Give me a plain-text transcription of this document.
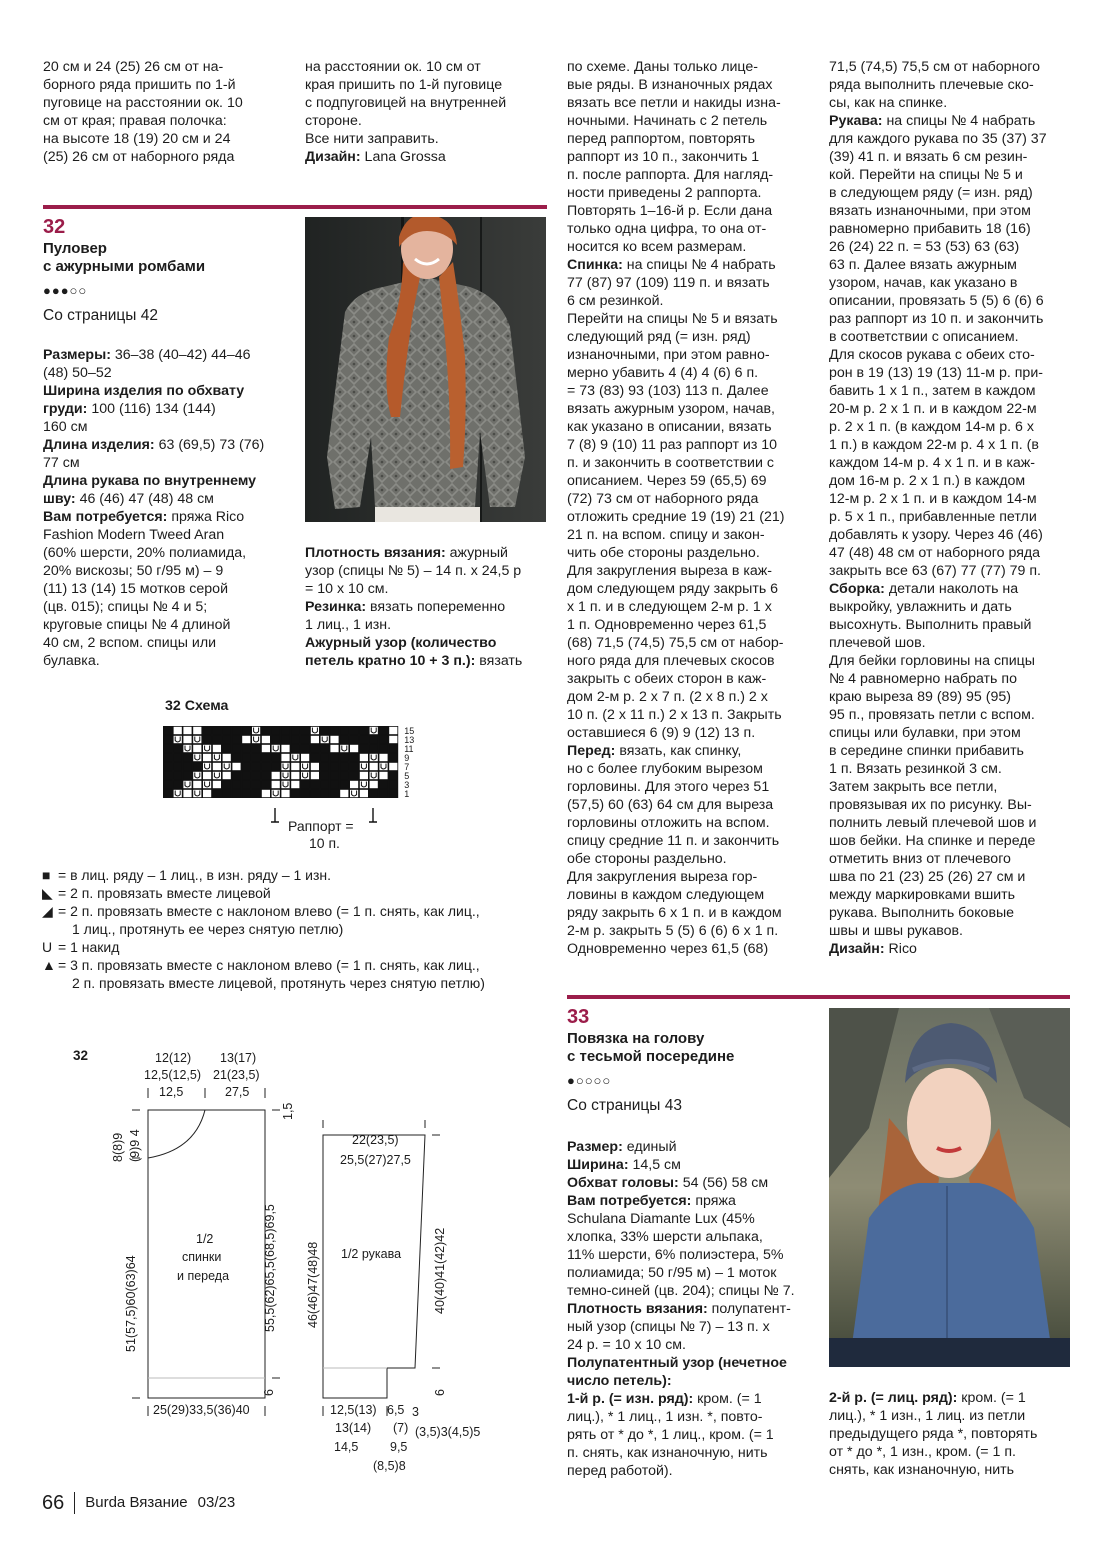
20 см и 24 (25) 26 см от на-
борного ряда пришить по 1-й
пуговице на расстоянии ок. 10
см от края; правая полочка:
на высоте 18 (19) 20 см и 24
(25) 26 см от наборного ряда
на расстоянии ок. 10 см от
края пришить по 1-й пуговице
с подпуговицей на внутренней
стороне.
Все нити заправить.
Дизайн: Lana Grossa
32
Пуловер
с ажурными ромбами
●●●○○
Со страницы 42
Размеры: 36–38 (40–42) 44–46
(48) 50–52
Ширина изделия по обхвату
груди: 100 (116) 134 (144)
160 см
Длина изделия: 63 (69,5) 73 (76)
77 см
Длина рукава по внутреннему
шву: 46 (46) 47 (48) 48 см
Вам потребуется: пряжа Rico
Fashion Modern Tweed Aran
(60% шерсти, 20% полиамида,
20% вискозы; 50 г/95 м) – 9
(11) 13 (14) 15 мотков серой
(цв. 015); спицы № 4 и 5;
круговые спицы № 4 длиной
40 см, 2 вспом. спицы или
булавка.
Плотность вязания: ажурный
узор (спицы № 5) – 14 п. х 24,5 р
= 10 х 10 см.
Резинка: вязать попеременно
1 лиц., 1 изн.
Ажурный узор (количество
петель кратно 10 + 3 п.): вязать
32 Схема
15
13
11
9
7
5
3
1
Раппорт =
10 п.
■ = в лиц. ряду – 1 лиц., в изн. ряду – 1 изн.
◣ = 2 п. провязать вместе лицевой
◢ = 2 п. провязать вместе с наклоном влево (= 1 п. снять, как лиц.,
1 лиц., протянуть ее через снятую петлю)
U = 1 накид
▲ = 3 п. провязать вместе с наклоном влево (= 1 п. снять, как лиц.,
2 п. провязать вместе лицевой, протянуть через снятую петлю)
32	12(12)
12,5(12,5)
12,5
13(17)
21(23,5)
27,5
1,5
8(8)9 (9)9 4
51(57,5)60(63)64	55,5(62)65,5(68,5)69,5
6
1/2
спинки
и переда
25(29)33,5(36)40
22(23,5)
25,5(27)27,5
46(46)47(48)48	40(40)41(42)42
1/2 рукава
6
12,5(13)
13(14)
14,5
6,5
(7)
9,5
(8,5)8
3
(3,5)3(4,5)5
по схеме. Даны только лице-
вые ряды. В изнаночных рядах
вязать все петли и накиды изна-
ночными. Начинать с 2 петель
перед раппортом, повторять
раппорт из 10 п., закончить 1
п. после раппорта. Для нагляд-
ности приведены 2 раппорта.
Повторять 1–16-й р. Если дана
только одна цифра, то она от-
носится ко всем размерам.
Спинка: на спицы № 4 набрать
77 (87) 97 (109) 119 п. и вязать
6 см резинкой.
Перейти на спицы № 5 и вязать
следующий ряд (= изн. ряд)
изнаночными, при этом равно-
мерно убавить 4 (4) 4 (6) 6 п.
= 73 (83) 93 (103) 113 п. Далее
вязать ажурным узором, начав,
как указано в описании, вязать
7 (8) 9 (10) 11 раз раппорт из 10
п. и закончить в соответствии с
описанием. Через 59 (65,5) 69
(72) 73 см от наборного ряда
отложить средние 19 (19) 21 (21)
21 п. на вспом. спицу и закон-
чить обе стороны раздельно.
Для закругления выреза в каж-
дом следующем ряду закрыть 6
х 1 п. и в следующем 2-м р. 1 х
1 п. Одновременно через 61,5
(68) 71,5 (74,5) 75,5 см от набор-
ного ряда для плечевых скосов
закрыть с обеих сторон в каж-
дом 2-м р. 2 х 7 п. (2 х 8 п.) 2 х
10 п. (2 х 11 п.) 2 х 13 п. Закрыть
оставшиеся 6 (9) 9 (12) 13 п.
Перед: вязать, как спинку,
но с более глубоким вырезом
горловины. Для этого через 51
(57,5) 60 (63) 64 см для выреза
горловины отложить на вспом.
спицу средние 11 п. и закончить
обе стороны раздельно.
Для закругления выреза гор-
ловины в каждом следующем
ряду закрыть 6 х 1 п. и в каждом
2-м р. закрыть 5 (5) 6 (6) 6 х 1 п.
Одновременно через 61,5 (68)
71,5 (74,5) 75,5 см от наборного
ряда выполнить плечевые ско-
сы, как на спинке.
Рукава: на спицы № 4 набрать
для каждого рукава по 35 (37) 37
(39) 41 п. и вязать 6 см резин-
кой. Перейти на спицы № 5 и
в следующем ряду (= изн. ряд)
вязать изнаночными, при этом
равномерно прибавить 18 (16)
26 (24) 22 п. = 53 (53) 63 (63)
63 п. Далее вязать ажурным
узором, начав, как указано в
описании, провязать 5 (5) 6 (6) 6
раз раппорт из 10 п. и закончить
в соответствии с описанием.
Для скосов рукава с обеих сто-
рон в 19 (13) 19 (13) 11-м р. при-
бавить 1 х 1 п., затем в каждом
20-м р. 2 х 1 п. и в каждом 22-м
р. 2 х 1 п. (в каждом 14-м р. 6 х
1 п.) в каждом 22-м р. 4 х 1 п. (в
каждом 14-м р. 4 х 1 п. и в каж-
дом 16-м р. 2 х 1 п.) в каждом
12-м р. 2 х 1 п. и в каждом 14-м
р. 5 х 1 п., прибавленные петли
добавлять к узору. Через 46 (46)
47 (48) 48 см от наборного ряда
закрыть все 63 (67) 77 (77) 79 п.
Сборка: детали наколоть на
выкройку, увлажнить и дать
высохнуть. Выполнить правый
плечевой шов.
Для бейки горловины на спицы
№ 4 равномерно набрать по
краю выреза 89 (89) 95 (95)
95 п., провязать петли с вспом.
спицы или булавки, при этом
в середине спинки прибавить
1 п. Вязать резинкой 3 см.
Затем закрыть все петли,
провязывая их по рисунку. Вы-
полнить левый плечевой шов и
шов бейки. На спинке и переде
отметить вниз от плечевого
шва по 21 (23) 25 (26) 27 см и
между маркировками вшить
рукава. Выполнить боковые
швы и швы рукавов.
Дизайн: Rico
33
Повязка на голову
с тесьмой посередине
●○○○○
Со страницы 43
Размер: единый
Ширина: 14,5 см
Обхват головы: 54 (56) 58 см
Вам потребуется: пряжа
Schulana Diamante Lux (45%
хлопка, 33% шерсти альпака,
11% шерсти, 6% полиэстера, 5%
полиамида; 50 г/95 м) – 1 моток
темно-синей (цв. 204); спицы № 7.
Плотность вязания: полупатент-
ный узор (спицы № 7) – 13 п. х
24 р. = 10 х 10 см.
Полупатентный узор (нечетное
число петель):
1-й р. (= изн. ряд): кром. (= 1
лиц.), * 1 лиц., 1 изн. *, повто-
рять от * до *, 1 лиц., кром. (= 1
п. снять, как изнаночную, нить
перед работой).
2-й р. (= лиц. ряд): кром. (= 1
лиц.), * 1 изн., 1 лиц. из петли
предыдущего ряда *, повторять
от * до *, 1 изн., кром. (= 1 п.
снять, как изнаночную, нить
66 Burda Вязание 03/23
